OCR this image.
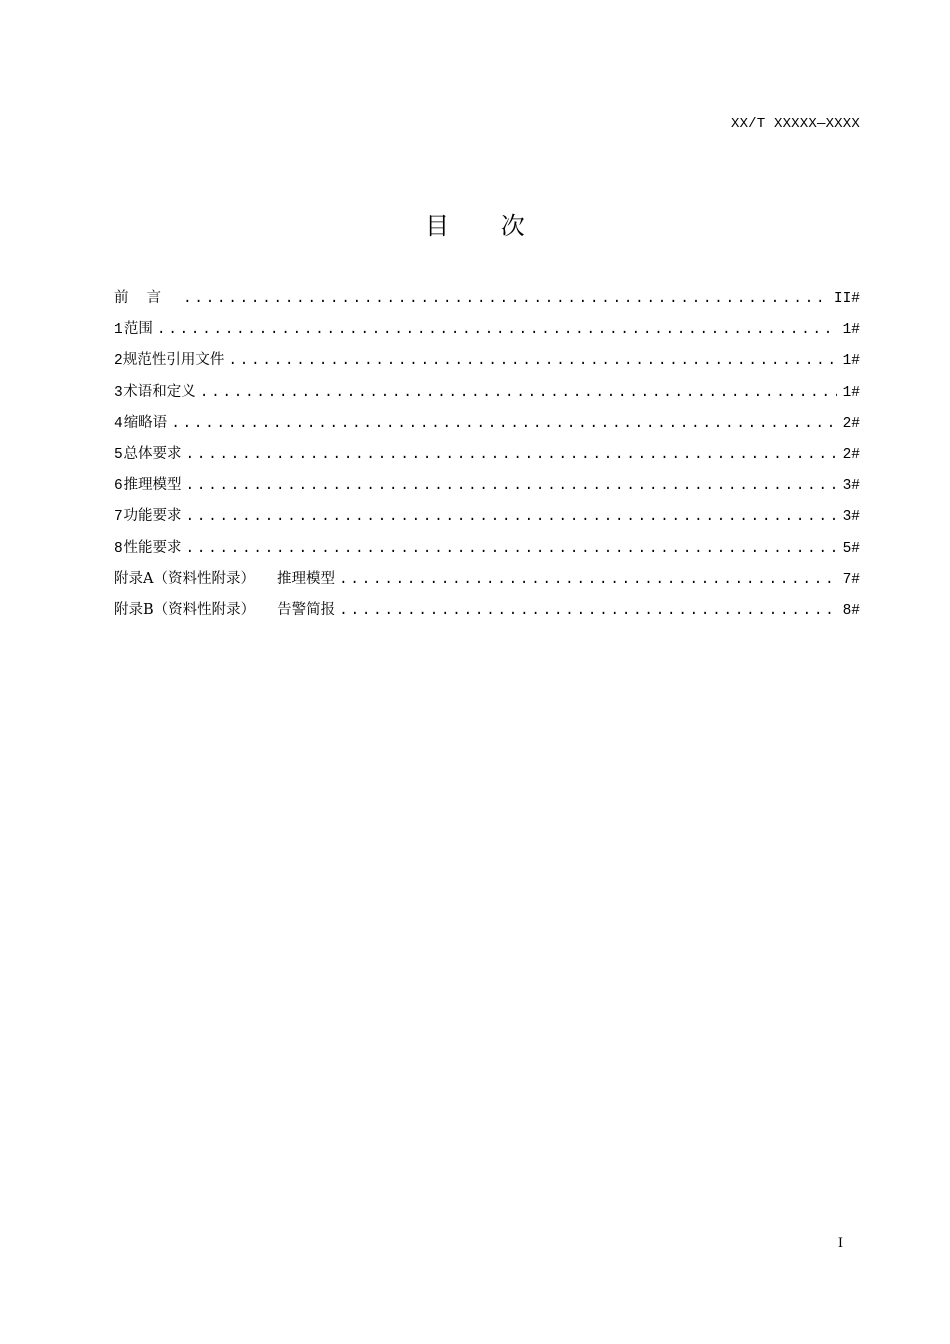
XX/T XXXXX—XXXX
目 次
前言 .....	II#
1 范围 .....	1#
2 规范性引用文件 .....	1#
3 术语和定义 .....	1#
4 缩略语 .....	2#
5 总体要求 .....	2#
6 推理模型 .....	3#
7 功能要求 .....	3#
8 性能要求 .....	5#
附录A（资料性附录） 推理模型 .....	7#
附录B（资料性附录） 告警简报 .....	8#
I
